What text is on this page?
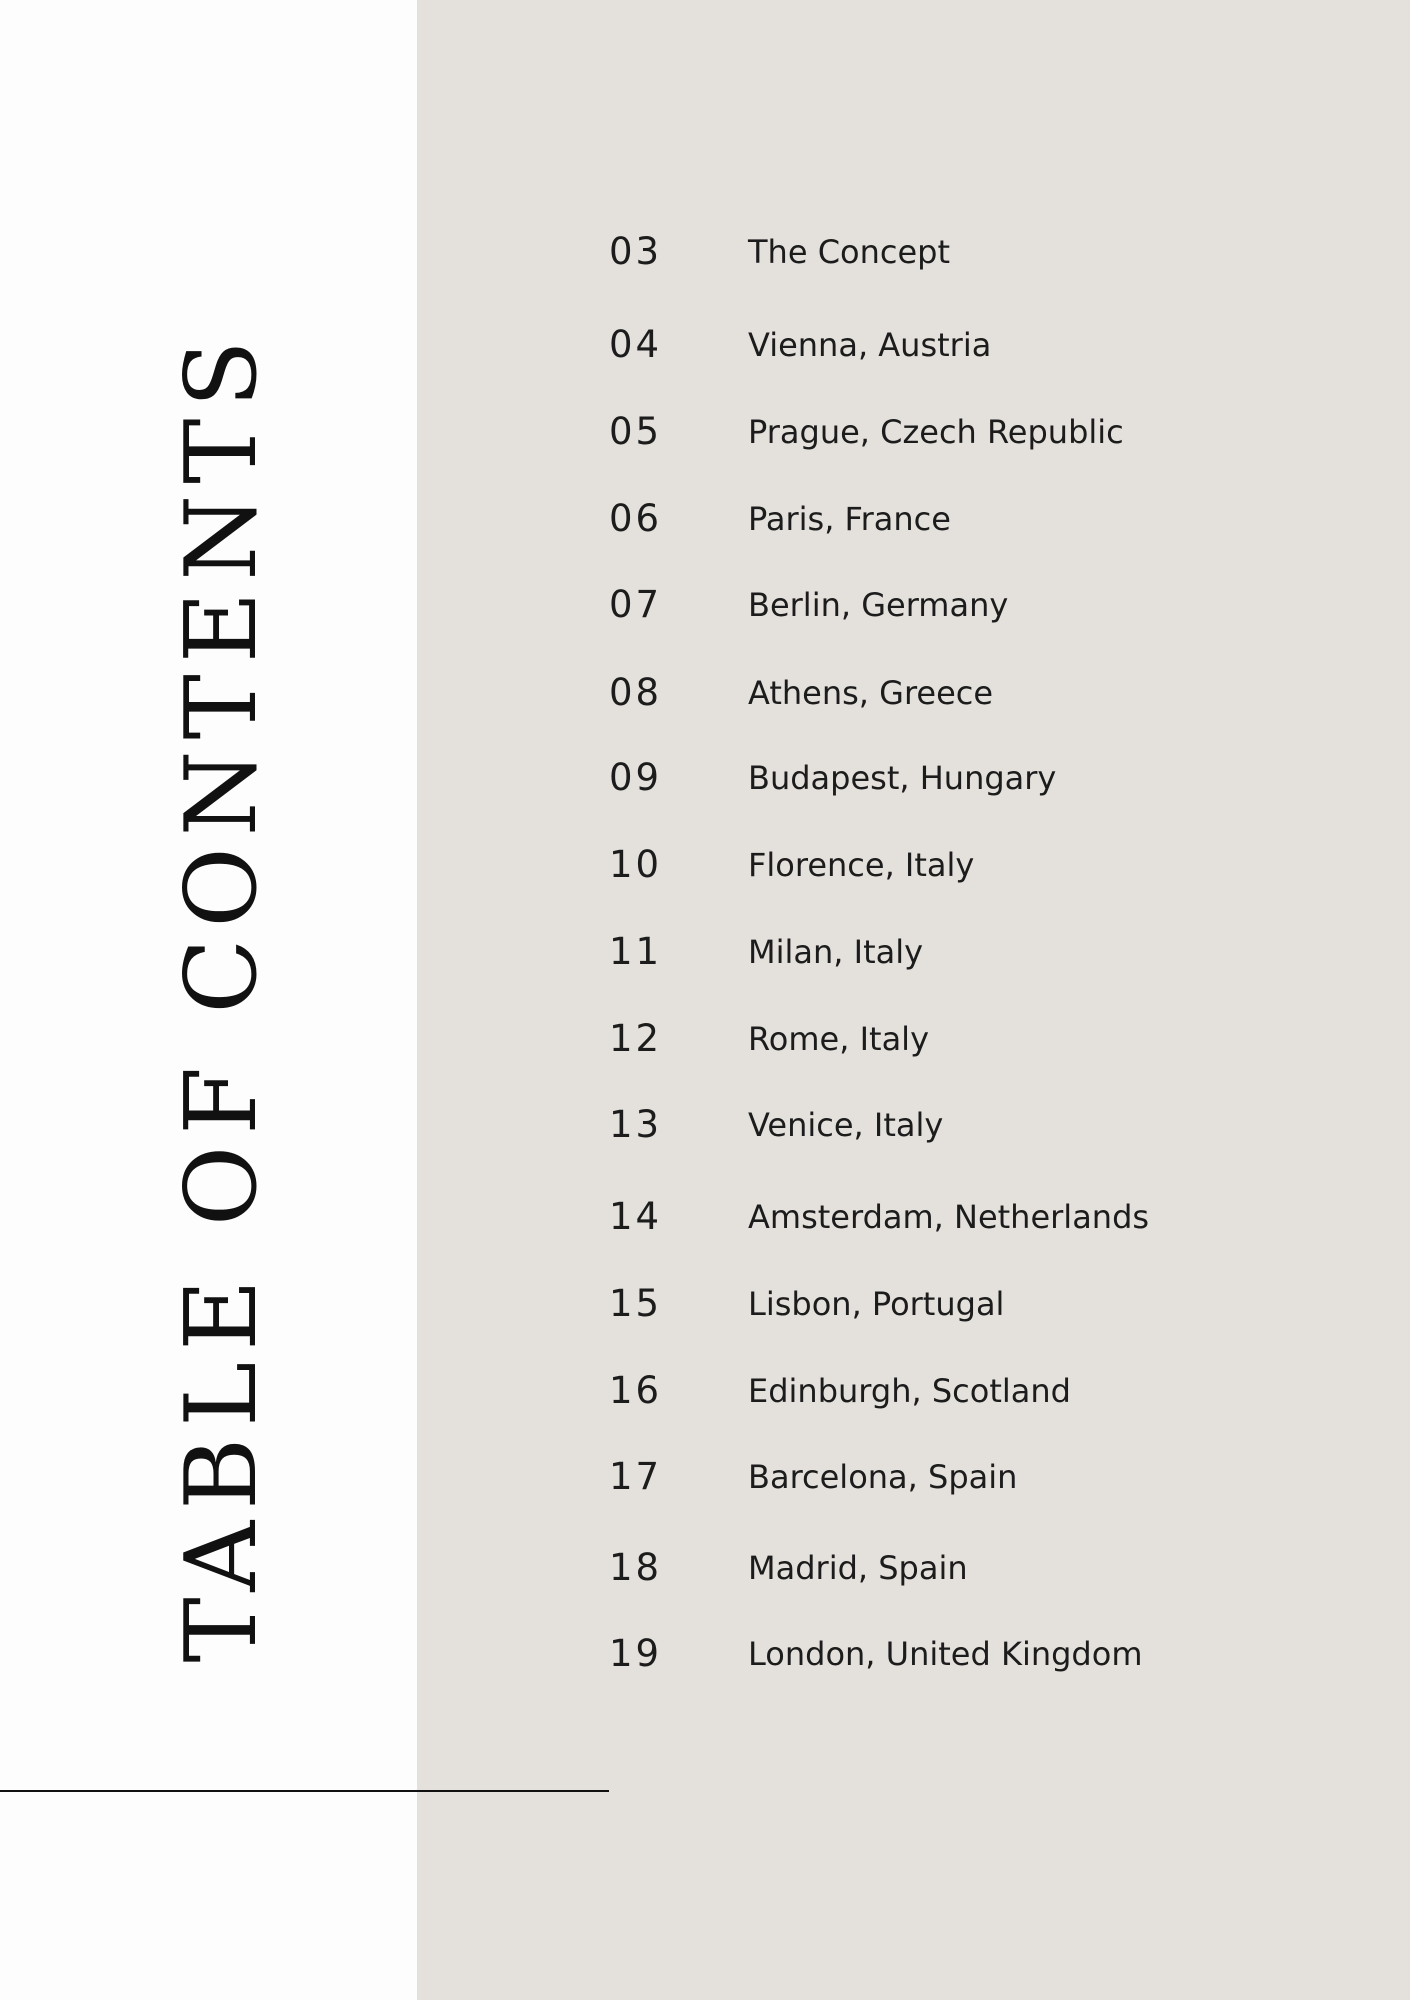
TABLE OF CONTENTS
03	The Concept
04	Vienna, Austria
05	Prague, Czech Republic
06	Paris, France
07	Berlin, Germany
08	Athens, Greece
09	Budapest, Hungary
10	Florence, Italy
11	Milan, Italy
12	Rome, Italy
13	Venice, Italy
14	Amsterdam, Netherlands
15	Lisbon, Portugal
16	Edinburgh, Scotland
17	Barcelona, Spain
18	Madrid, Spain
19	London, United Kingdom
